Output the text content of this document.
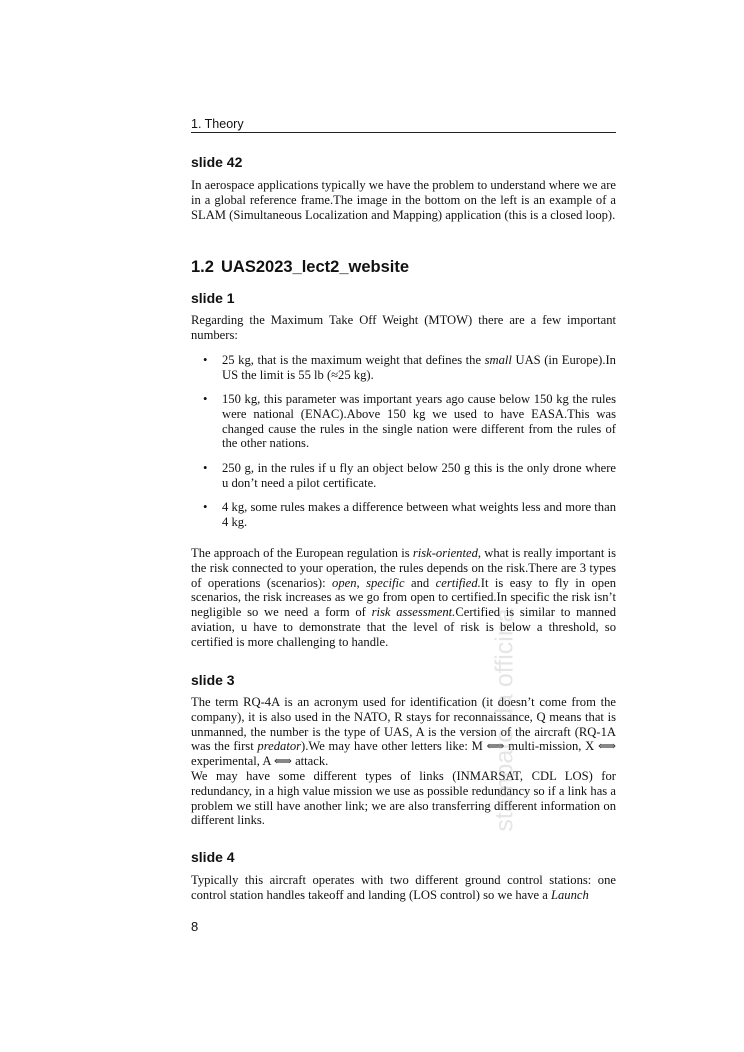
1. Theory
slide 42
In aerospace applications typically we have the problem to understand where we are in a global reference frame.The image in the bottom on the left is an example of a SLAM (Simultaneous Localization and Mapping) application (this is a closed loop).
1.2 UAS2023_lect2_website
slide 1
Regarding the Maximum Take Off Weight (MTOW) there are a few important numbers:
• 25 kg, that is the maximum weight that defines the small UAS (in Europe).In US the limit is 55 lb (≈25 kg).
• 150 kg, this parameter was important years ago cause below 150 kg the rules were national (ENAC).Above 150 kg we used to have EASA.This was changed cause the rules in the single nation were different from the rules of the other nations.
• 250 g, in the rules if u fly an object below 250 g this is the only drone where u don’t need a pilot certificate.
• 4 kg, some rules makes a difference between what weights less and more than 4 kg.
The approach of the European regulation is risk-oriented, what is really important is the risk connected to your operation, the rules depends on the risk.There are 3 types of operations (scenarios): open, specific and certified.It is easy to fly in open scenarios, the risk increases as we go from open to certified.In specific the risk isn’t negligible so we need a form of risk assessment.Certified is similar to manned aviation, u have to demonstrate that the level of risk is below a threshold, so certified is more challenging to handle.
slide 3
The term RQ-4A is an acronym used for identification (it doesn’t come from the company), it is also used in the NATO, R stays for reconnaissance, Q means that is unmanned, the number is the type of UAS, A is the version of the aircraft (RQ-1A was the first predator).We may have other letters like: M ⟺ multi-mission, X ⟺ experimental, A ⟺ attack.
We may have some different types of links (INMARSAT, CDL LOS) for redundancy, in a high value mission we use as possible redundancy so if a link has a problem we still have another link; we are also transferring different information on different links.
slide 4
Typically this aircraft operates with two different ground control stations: one control station handles takeoff and landing (LOS control) so we have a Launch
8
stampato da officina
